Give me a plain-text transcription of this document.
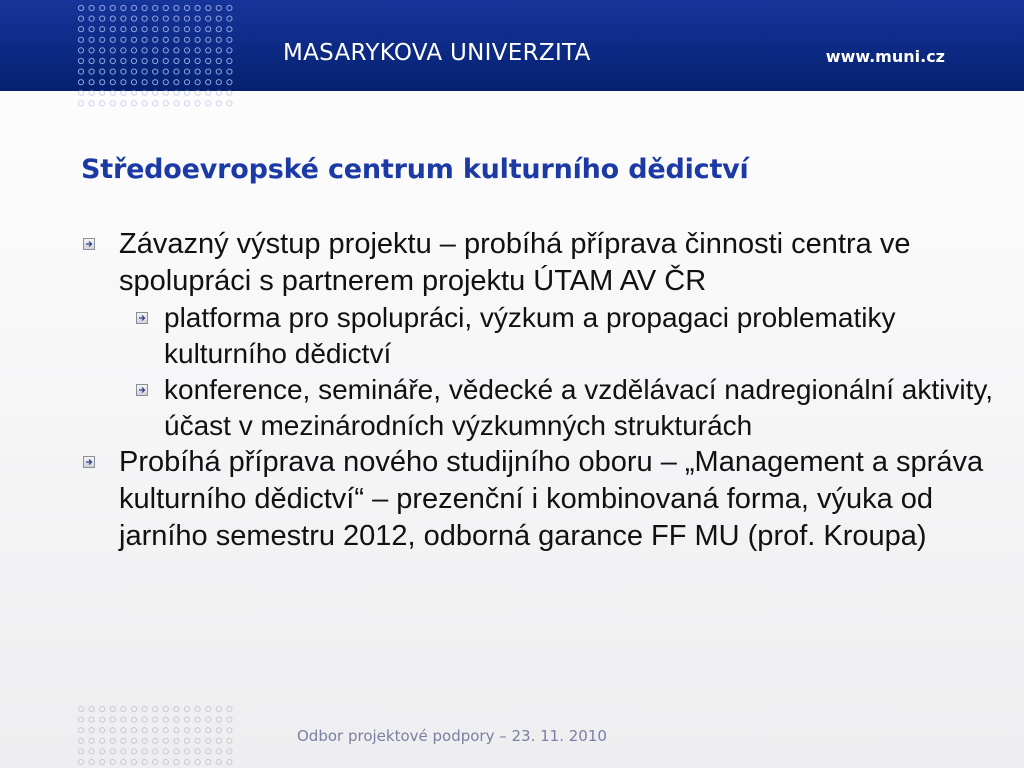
MASARYKOVA UNIVERZITA	www.muni.cz
Středoevropské centrum kulturního dědictví
Závazný výstup projektu – probíhá příprava činnosti centra ve spolupráci s partnerem projektu ÚTAM AV ČR
platforma pro spolupráci, výzkum a propagaci problematiky kulturního dědictví
konference, semináře, vědecké a vzdělávací nadregionální aktivity, účast v mezinárodních výzkumných strukturách
Probíhá příprava nového studijního oboru – „Management a správa kulturního dědictví“ – prezenční i kombinovaná forma, výuka od jarního semestru 2012, odborná garance FF MU (prof. Kroupa)
Odbor projektové podpory – 23. 11. 2010
